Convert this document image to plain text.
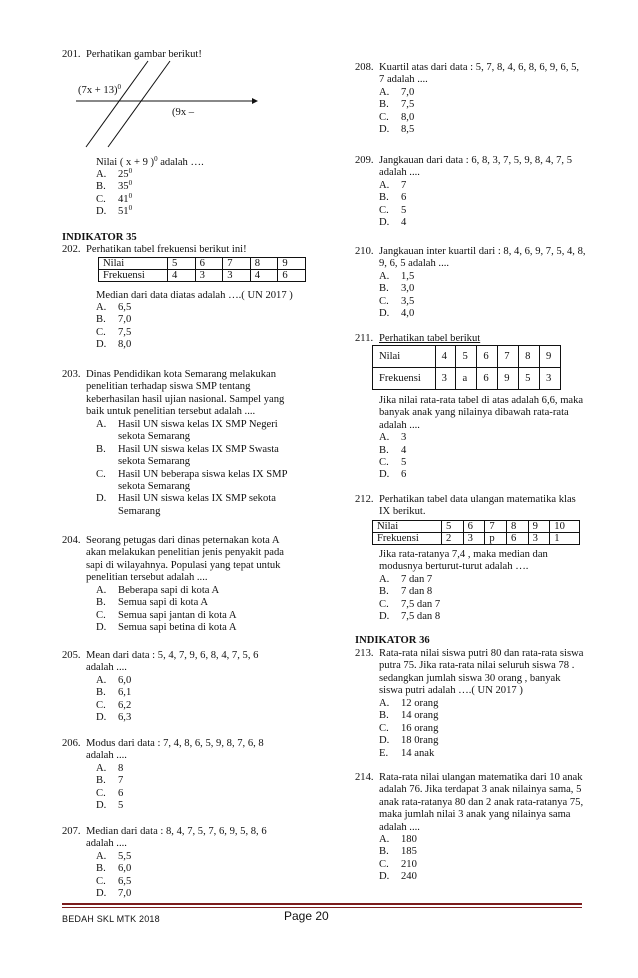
201. Perhatikan gambar berikut!
$(7x + 13)^0$
(9x –
Nilai ( x + 9 )$^0$ adalah ….
A. $25^0$
B. $35^0$
C. $41^0$
D. $51^0$
INDIKATOR 35
202. Perhatikan tabel frekuensi berikut ini!
Nilai	5	6	7	8	9
Frekuensi	4	3	3	4	6
Median dari data diatas adalah ….( UN 2017 )
A. 6,5
B. 7,0
C. 7,5
D. 8,0
203. Dinas Pendidikan kota Semarang melakukan
penelitian terhadap siswa SMP tentang
keberhasilan hasil ujian nasional. Sampel yang
baik untuk penelitian tersebut adalah ....
A. Hasil UN siswa kelas IX SMP Negeri
sekota Semarang
B. Hasil UN siswa kelas IX SMP Swasta
sekota Semarang
C. Hasil UN beberapa siswa kelas IX SMP
sekota Semarang
D. Hasil UN siswa kelas IX SMP sekota
Semarang
204. Seorang petugas dari dinas peternakan kota A
akan melakukan penelitian jenis penyakit pada
sapi di wilayahnya. Populasi yang tepat untuk
penelitian tersebut adalah ....
A. Beberapa sapi di kota A
B. Semua sapi di kota A
C. Semua sapi jantan di kota A
D. Semua sapi betina di kota A
205. Mean dari data : 5, 4, 7, 9, 6, 8, 4, 7, 5, 6
adalah ....
A. 6,0
B. 6,1
C. 6,2
D. 6,3
206. Modus dari data : 7, 4, 8, 6, 5, 9, 8, 7, 6, 8
adalah ....
A. 8
B. 7
C. 6
D. 5
207. Median dari data : 8, 4, 7, 5, 7, 6, 9, 5, 8, 6
adalah ....
A. 5,5
B. 6,0
C. 6,5
D. 7,0
208. Kuartil atas dari data : 5, 7, 8, 4, 6, 8, 6, 9, 6, 5,
7 adalah ....
A. 7,0
B. 7,5
C. 8,0
D. 8,5
209. Jangkauan dari data : 6, 8, 3, 7, 5, 9, 8, 4, 7, 5
adalah ....
A. 7
B. 6
C. 5
D. 4
210. Jangkauan inter kuartil dari : 8, 4, 6, 9, 7, 5, 4, 8,
9, 6, 5 adalah ....
A. 1,5
B. 3,0
C. 3,5
D. 4,0
211. Perhatikan tabel berikut
Nilai	4	5	6	7	8	9
Frekuensi	3	a	6	9	5	3
Jika nilai rata-rata tabel di atas adalah 6,6, maka
banyak anak yang nilainya dibawah rata-rata
adalah ....
A. 3
B. 4
C. 5
D. 6
212. Perhatikan tabel data ulangan matematika klas
IX berikut.
Nilai	5	6	7	8	9	10
Frekuensi	2	3	p	6	3	1
Jika rata-ratanya 7,4 , maka median dan
modusnya berturut-turut adalah ….
A. 7 dan 7
B. 7 dan 8
C. 7,5 dan 7
D. 7,5 dan 8
INDIKATOR 36
213. Rata-rata nilai siswa putri 80 dan rata-rata siswa
putra 75. Jika rata-rata nilai seluruh siswa 78 .
sedangkan jumlah siswa 30 orang , banyak
siswa putri adalah ….( UN 2017 )
A. 12 orang
B. 14 orang
C. 16 orang
D. 18 0rang
E. 14 anak
214. Rata-rata nilai ulangan matematika dari 10 anak
adalah 76. Jika terdapat 3 anak nilainya sama, 5
anak rata-ratanya 80 dan 2 anak rata-ratanya 75,
maka jumlah nilai 3 anak yang nilainya sama
adalah ....
A. 180
B. 185
C. 210
D. 240
BEDAH SKL MTK 2018	Page 20
